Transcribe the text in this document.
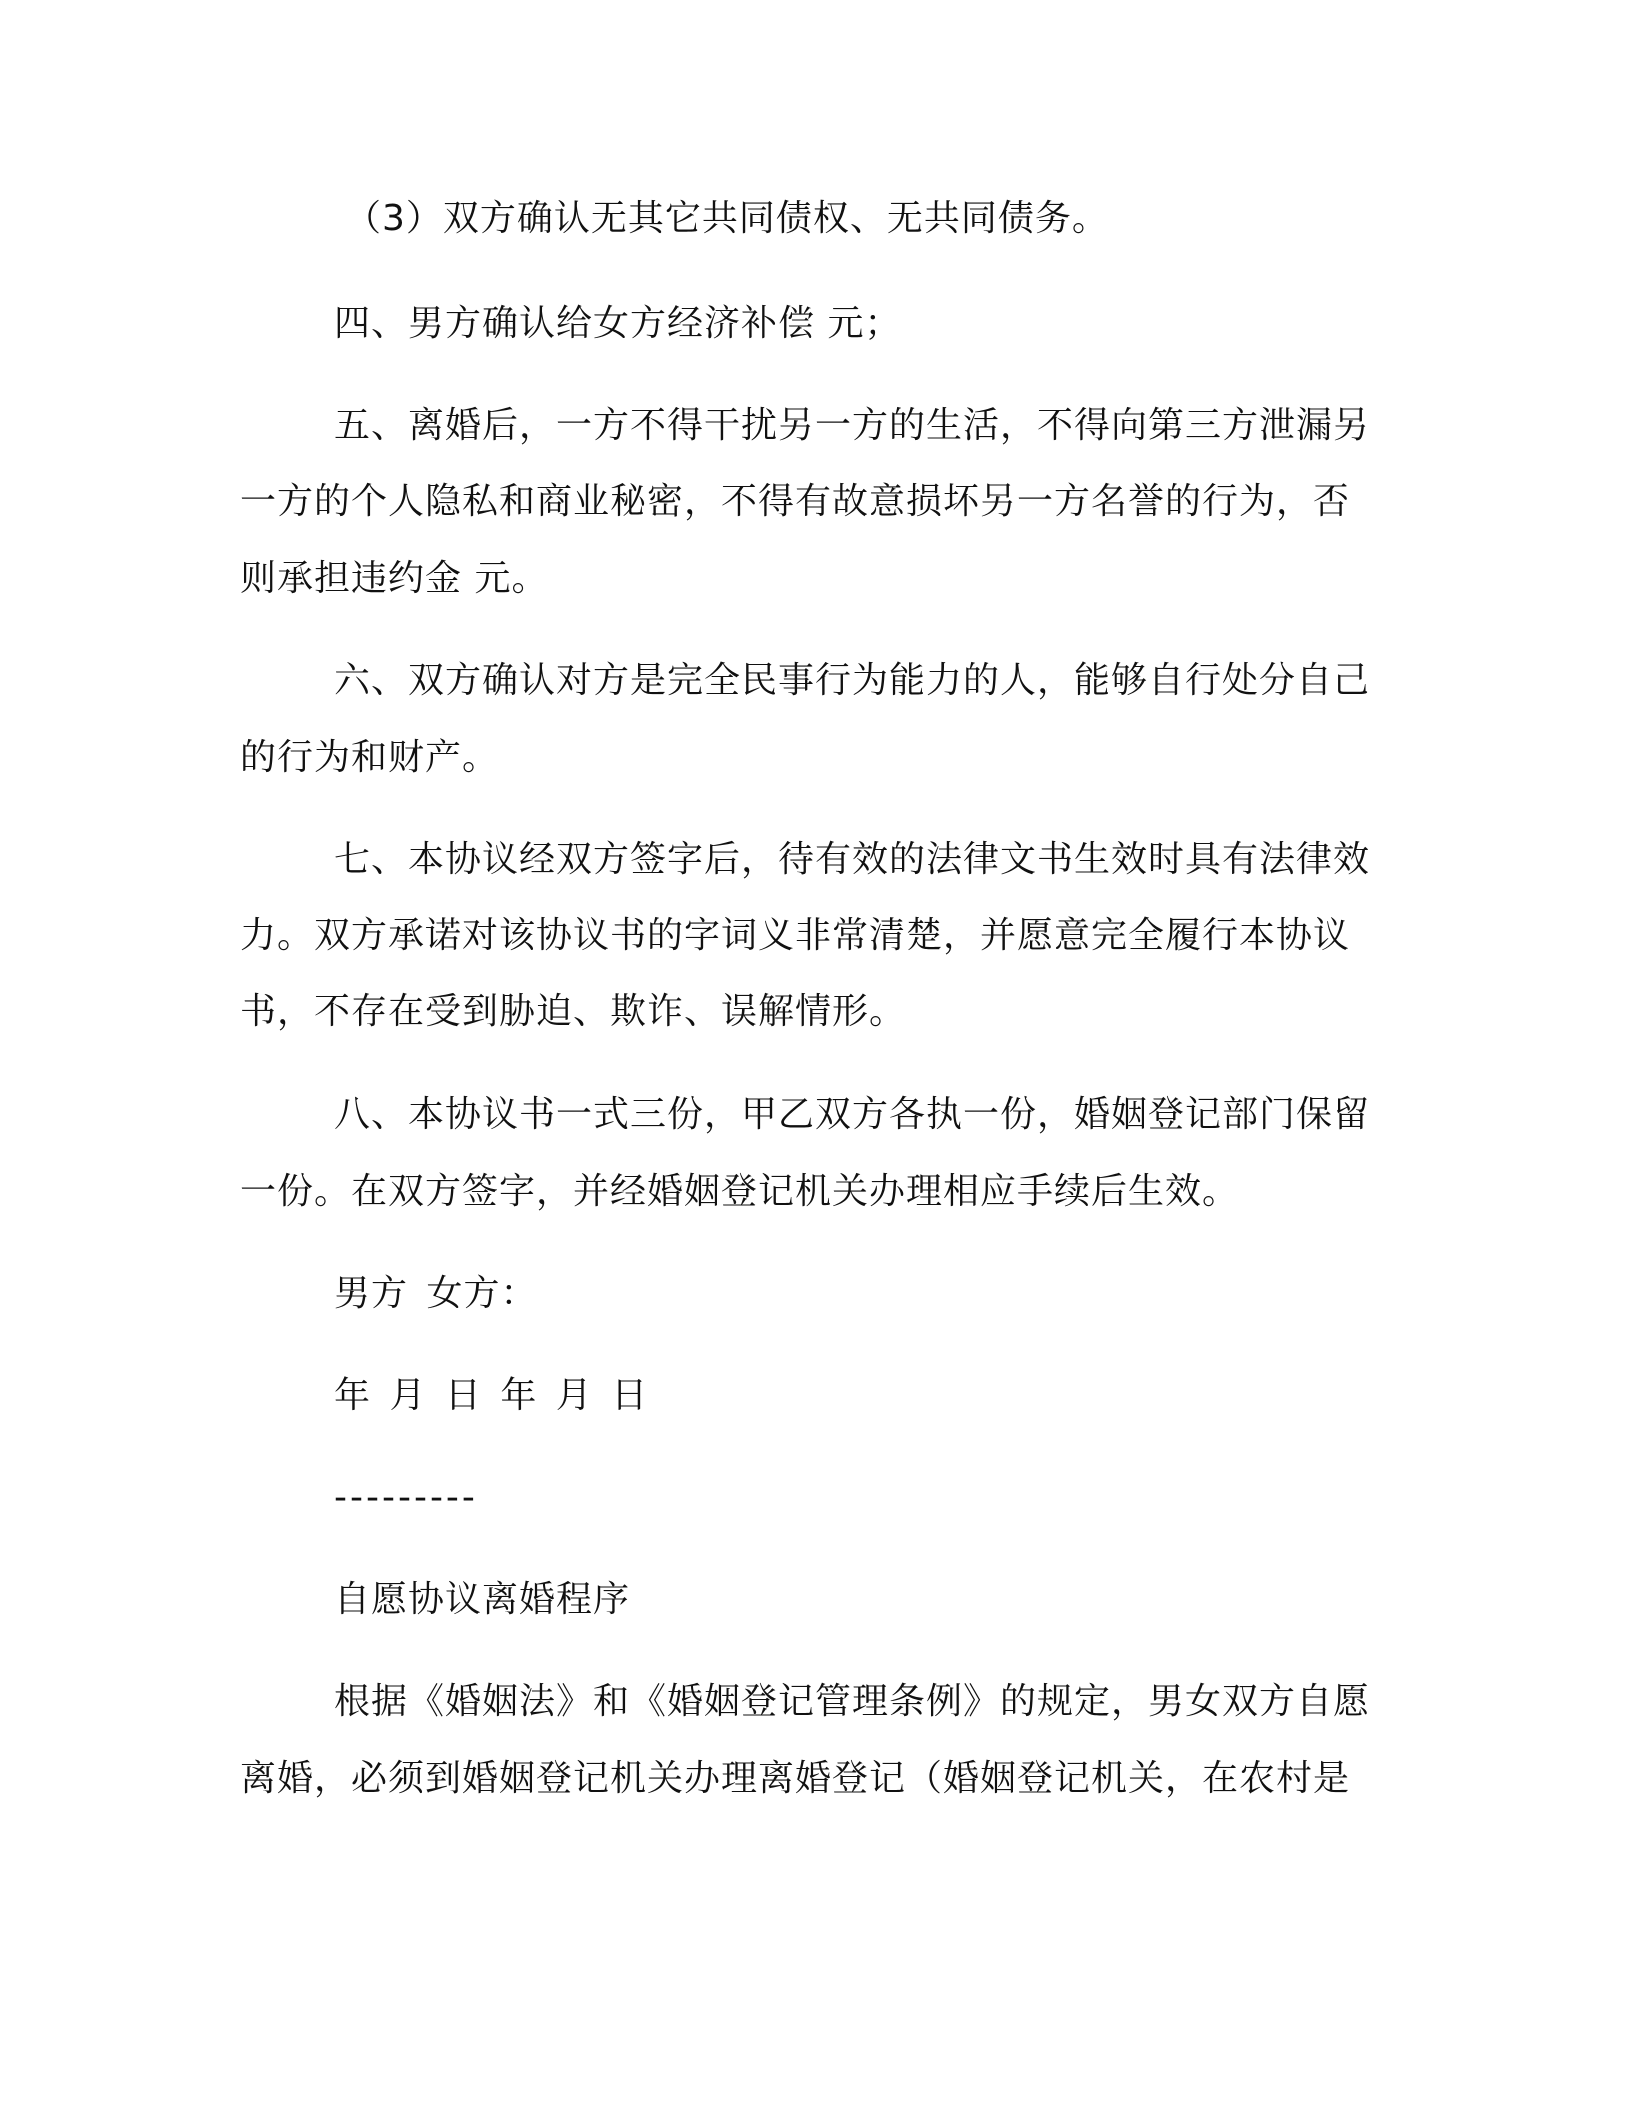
（3）双方确认无其它共同债权、无共同债务。
四、男方确认给女方经济补偿 元；
五、离婚后，一方不得干扰另一方的生活，不得向第三方泄漏另
一方的个人隐私和商业秘密，不得有故意损坏另一方名誉的行为，否
则承担违约金 元。
六、双方确认对方是完全民事行为能力的人，能够自行处分自己
的行为和财产。
七、本协议经双方签字后，待有效的法律文书生效时具有法律效
力。双方承诺对该协议书的字词义非常清楚，并愿意完全履行本协议
书，不存在受到胁迫、欺诈、误解情形。
八、本协议书一式三份，甲乙双方各执一份，婚姻登记部门保留
一份。在双方签字，并经婚姻登记机关办理相应手续后生效。
男方 女方：
年 月 日 年 月 日
---------
自愿协议离婚程序
根据《婚姻法》和《婚姻登记管理条例》的规定，男女双方自愿
离婚，必须到婚姻登记机关办理离婚登记（婚姻登记机关，在农村是
